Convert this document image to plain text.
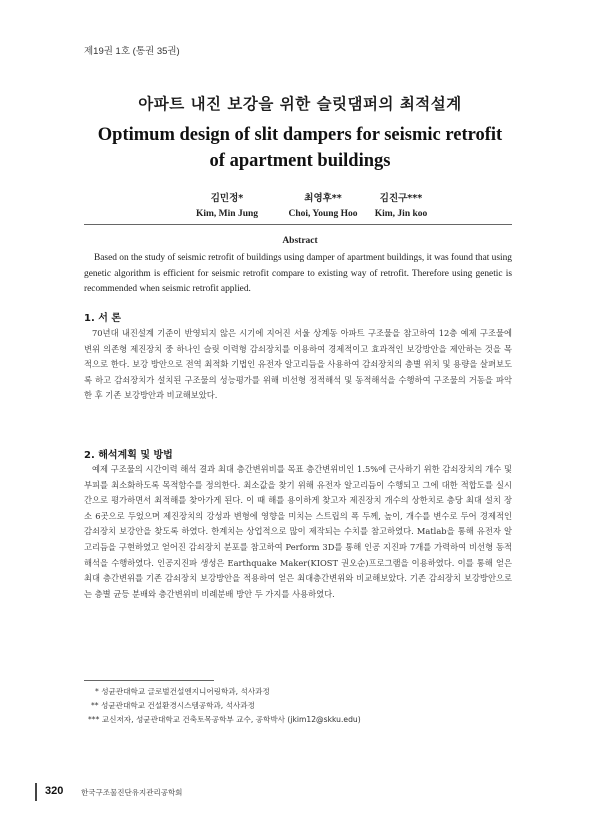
제19권 1호 (통권 35권)
아파트 내진 보강을 위한 슬릿댐퍼의 최적설계
Optimum design of slit dampers for seismic retrofit of apartment buildings
김민정*
Kim, Min Jung
최영후**
Choi, Young Hoo
김진구***
Kim, Jin koo
Abstract
Based on the study of seismic retrofit of buildings using damper of apartment buildings, it was found that using genetic algorithm is efficient for seismic retrofit compare to existing way of retrofit. Therefore using genetic is recommended when seismic retrofit applied.
1. 서 론
70년대 내진설계 기준이 반영되지 않은 시기에 지어진 서울 상계동 아파트 구조물을 참고하여 12층 예제 구조물에 변위 의존형 제진장치 중 하나인 슬릿 이력형 감쇠장치를 이용하여 경제적이고 효과적인 보강방안을 제안하는 것을 목적으로 한다. 보강 방안으로 전역 최적화 기법인 유전자 알고리듬을 사용하여 감쇠장치의 층별 위치 및 용량을 살펴보도록 하고 감쇠장치가 설치된 구조물의 성능평가를 위해 비선형 정적해석 및 동적해석을 수행하여 구조물의 거동을 파악한 후 기존 보강방안과 비교해보았다.
2. 해석계획 및 방법
예제 구조물의 시간이력 해석 결과 최대 층간변위비를 목표 층간변위비인 1.5%에 근사하기 위한 감쇠장치의 개수 및 부피를 최소화하도록 목적함수를 정의한다. 최소값을 찾기 위해 유전자 알고리듬이 수행되고 그에 대한 적합도를 실시간으로 평가하면서 최적해를 찾아가게 된다. 이 때 해를 용이하게 찾고자 제진장치 개수의 상한치로 층당 최대 설치 장소 6곳으로 두었으며 제진장치의 강성과 변형에 영향을 미치는 스트립의 폭 두께, 높이, 개수를 변수로 두어 경제적인 감쇠장치 보강안을 찾도록 하였다. 한계치는 상업적으로 많이 제작되는 수치를 참고하였다. Matlab을 통해 유전자 알고리듬을 구현하였고 얻어진 감쇠장치 분포를 참고하여 Perform 3D를 통해 인공 지진파 7개를 가력하여 비선형 동적해석을 수행하였다. 인공지진파 생성은 Earthquake Maker(KIOST 권오순)프로그램을 이용하였다. 이를 통해 얻은 최대 층간변위를 기존 감쇠장치 보강방안을 적용하여 얻은 최대층간변위와 비교해보았다. 기존 감쇠장치 보강방안으로는 층별 균등 분배와 층간변위비 비례분배 방안 두 가지를 사용하였다.
* 성균관대학교 글로벌건설엔지니어링학과, 석사과정
** 성균관대학교 건설환경시스템공학과, 석사과정
*** 교신저자, 성균관대학교 건축토목공학부 교수, 공학박사 (jkim12@skku.edu)
320 한국구조물진단유지관리공학회
